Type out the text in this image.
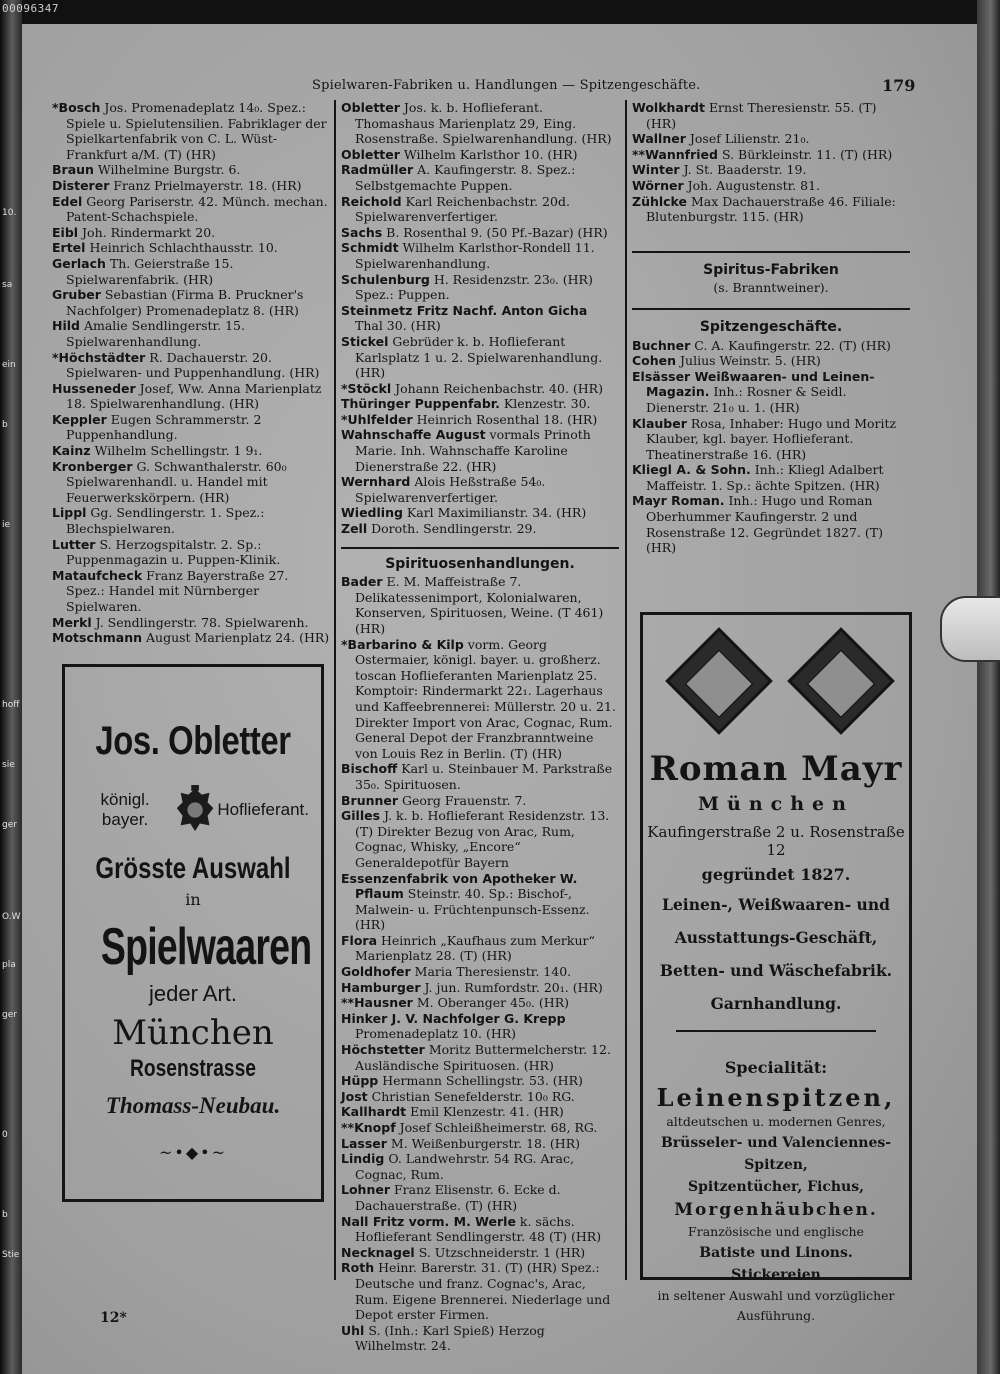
00096347
10.
sa
ein
b
ie
hoff
sie
ger
O.W
pla
ger
0
b
Stie
Spielwaren-Fabriken u. Handlungen — Spitzengeschäfte.	179
*Bosch Jos. Promenadeplatz 14₀. Spez.: Spiele u. Spielutensilien. Fabriklager der Spielkartenfabrik von C. L. Wüst-Frankfurt a/M. (T) (HR)
Braun Wilhelmine Burgstr. 6.
Disterer Franz Prielmayerstr. 18. (HR)
Edel Georg Pariserstr. 42. Münch. mechan. Patent-Schachspiele.
Eibl Joh. Rindermarkt 20.
Ertel Heinrich Schlachthausstr. 10.
Gerlach Th. Geierstraße 15. Spielwarenfabrik. (HR)
Gruber Sebastian (Firma B. Pruckner's Nachfolger) Promenadeplatz 8. (HR)
Hild Amalie Sendlingerstr. 15. Spielwarenhandlung.
*Höchstädter R. Dachauerstr. 20. Spielwaren- und Puppenhandlung. (HR)
Husseneder Josef, Ww. Anna Marienplatz 18. Spielwarenhandlung. (HR)
Keppler Eugen Schrammerstr. 2 Puppenhandlung.
Kainz Wilhelm Schellingstr. 1 9₁.
Kronberger G. Schwanthalerstr. 60₀ Spielwarenhandl. u. Handel mit Feuerwerkskörpern. (HR)
Lippl Gg. Sendlingerstr. 1. Spez.: Blechspielwaren.
Lutter S. Herzogspitalstr. 2. Sp.: Puppenmagazin u. Puppen-Klinik.
Mataufcheck Franz Bayerstraße 27. Spez.: Handel mit Nürnberger Spielwaren.
Merkl J. Sendlingerstr. 78. Spielwarenh.
Motschmann August Marienplatz 24. (HR)
Obletter Jos. k. b. Hoflieferant. Thomashaus Marienplatz 29, Eing. Rosenstraße. Spielwarenhandlung. (HR)
Obletter Wilhelm Karlsthor 10. (HR)
Radmüller A. Kaufingerstr. 8. Spez.: Selbstgemachte Puppen.
Reichold Karl Reichenbachstr. 20d. Spielwarenverfertiger.
Sachs B. Rosenthal 9. (50 Pf.-Bazar) (HR)
Schmidt Wilhelm Karlsthor-Rondell 11. Spielwarenhandlung.
Schulenburg H. Residenzstr. 23₀. (HR) Spez.: Puppen.
Steinmetz Fritz Nachf. Anton Gicha Thal 30. (HR)
Stickel Gebrüder k. b. Hoflieferant Karlsplatz 1 u. 2. Spielwarenhandlung. (HR)
*Stöckl Johann Reichenbachstr. 40. (HR)
Thüringer Puppenfabr. Klenzestr. 30.
*Uhlfelder Heinrich Rosenthal 18. (HR)
Wahnschaffe August vormals Prinoth Marie. Inh. Wahnschaffe Karoline Dienerstraße 22. (HR)
Wernhard Alois Heßstraße 54₀. Spielwarenverfertiger.
Wiedling Karl Maximilianstr. 34. (HR)
Zell Doroth. Sendlingerstr. 29.
Spirituosenhandlungen.
Bader E. M. Maffeistraße 7. Delikatessenimport, Kolonialwaren, Konserven, Spirituosen, Weine. (T 461) (HR)
*Barbarino & Kilp vorm. Georg Ostermaier, königl. bayer. u. großherz. toscan Hoflieferanten Marienplatz 25. Komptoir: Rindermarkt 22₁. Lagerhaus und Kaffeebrennerei: Müllerstr. 20 u. 21. Direkter Import von Arac, Cognac, Rum. General Depot der Franzbranntweine von Louis Rez in Berlin. (T) (HR)
Bischoff Karl u. Steinbauer M. Parkstraße 35₀. Spirituosen.
Brunner Georg Frauenstr. 7.
Gilles J. k. b. Hoflieferant Residenzstr. 13. (T) Direkter Bezug von Arac, Rum, Cognac, Whisky, „Encore“ Generaldepotfür Bayern
Essenzenfabrik von Apotheker W. Pflaum Steinstr. 40. Sp.: Bischof-, Malwein- u. Früchtenpunsch-Essenz. (HR)
Flora Heinrich „Kaufhaus zum Merkur“ Marienplatz 28. (T) (HR)
Goldhofer Maria Theresienstr. 140.
Hamburger J. jun. Rumfordstr. 20₁. (HR)
**Hausner M. Oberanger 45₀. (HR)
Hinker J. V. Nachfolger G. Krepp Promenadeplatz 10. (HR)
Höchstetter Moritz Buttermelcherstr. 12. Ausländische Spirituosen. (HR)
Hüpp Hermann Schellingstr. 53. (HR)
Jost Christian Senefelderstr. 10₀ RG.
Kallhardt Emil Klenzestr. 41. (HR)
**Knopf Josef Schleißheimerstr. 68, RG.
Lasser M. Weißenburgerstr. 18. (HR)
Lindig O. Landwehrstr. 54 RG. Arac, Cognac, Rum.
Lohner Franz Elisenstr. 6. Ecke d. Dachauerstraße. (T) (HR)
Nall Fritz vorm. M. Werle k. sächs. Hoflieferant Sendlingerstr. 48 (T) (HR)
Necknagel S. Utzschneiderstr. 1 (HR)
Roth Heinr. Barerstr. 31. (T) (HR) Spez.: Deutsche und franz. Cognac's, Arac, Rum. Eigene Brennerei. Niederlage und Depot erster Firmen.
Uhl S. (Inh.: Karl Spieß) Herzog Wilhelmstr. 24.
Wolkhardt Ernst Theresienstr. 55. (T) (HR)
Wallner Josef Lilienstr. 21₀.
**Wannfried S. Bürkleinstr. 11. (T) (HR)
Winter J. St. Baaderstr. 19.
Wörner Joh. Augustenstr. 81.
Zühlcke Max Dachauerstraße 46. Filiale: Blutenburgstr. 115. (HR)
Spiritus-Fabriken
(s. Branntweiner).
Spitzengeschäfte.
Buchner C. A. Kaufingerstr. 22. (T) (HR)
Cohen Julius Weinstr. 5. (HR)
Elsässer Weißwaaren- und Leinen-Magazin. Inh.: Rosner & Seidl. Dienerstr. 21₀ u. 1. (HR)
Klauber Rosa, Inhaber: Hugo und Moritz Klauber, kgl. bayer. Hoflieferant. Theatinerstraße 16. (HR)
Kliegl A. & Sohn. Inh.: Kliegl Adalbert Maffeistr. 1. Sp.: ächte Spitzen. (HR)
Mayr Roman. Inh.: Hugo und Roman Oberhummer Kaufingerstr. 2 und Rosenstraße 12. Gegründet 1827. (T) (HR)
Jos. Obletter
königl. bayer.
Hoflieferant.
Grösste Auswahl
in
Spielwaaren
jeder Art.
München
Rosenstrasse
Thomass-Neubau.
~•◆•~
12*
Roman Mayr
München
Kaufingerstraße 2 u. Rosenstraße 12
gegründet 1827.
Leinen-, Weißwaaren- und
Ausstattungs-Geschäft,
Betten- und Wäschefabrik.
Garnhandlung.
Specialität:
Leinenspitzen,
altdeutschen u. modernen Genres,
Brüsseler- und Valenciennes-Spitzen,
Spitzentücher, Fichus,
Morgenhäubchen.
Französische und englische
Batiste und Linons.
Stickereien
in seltener Auswahl und vorzüglicher Ausführung.
